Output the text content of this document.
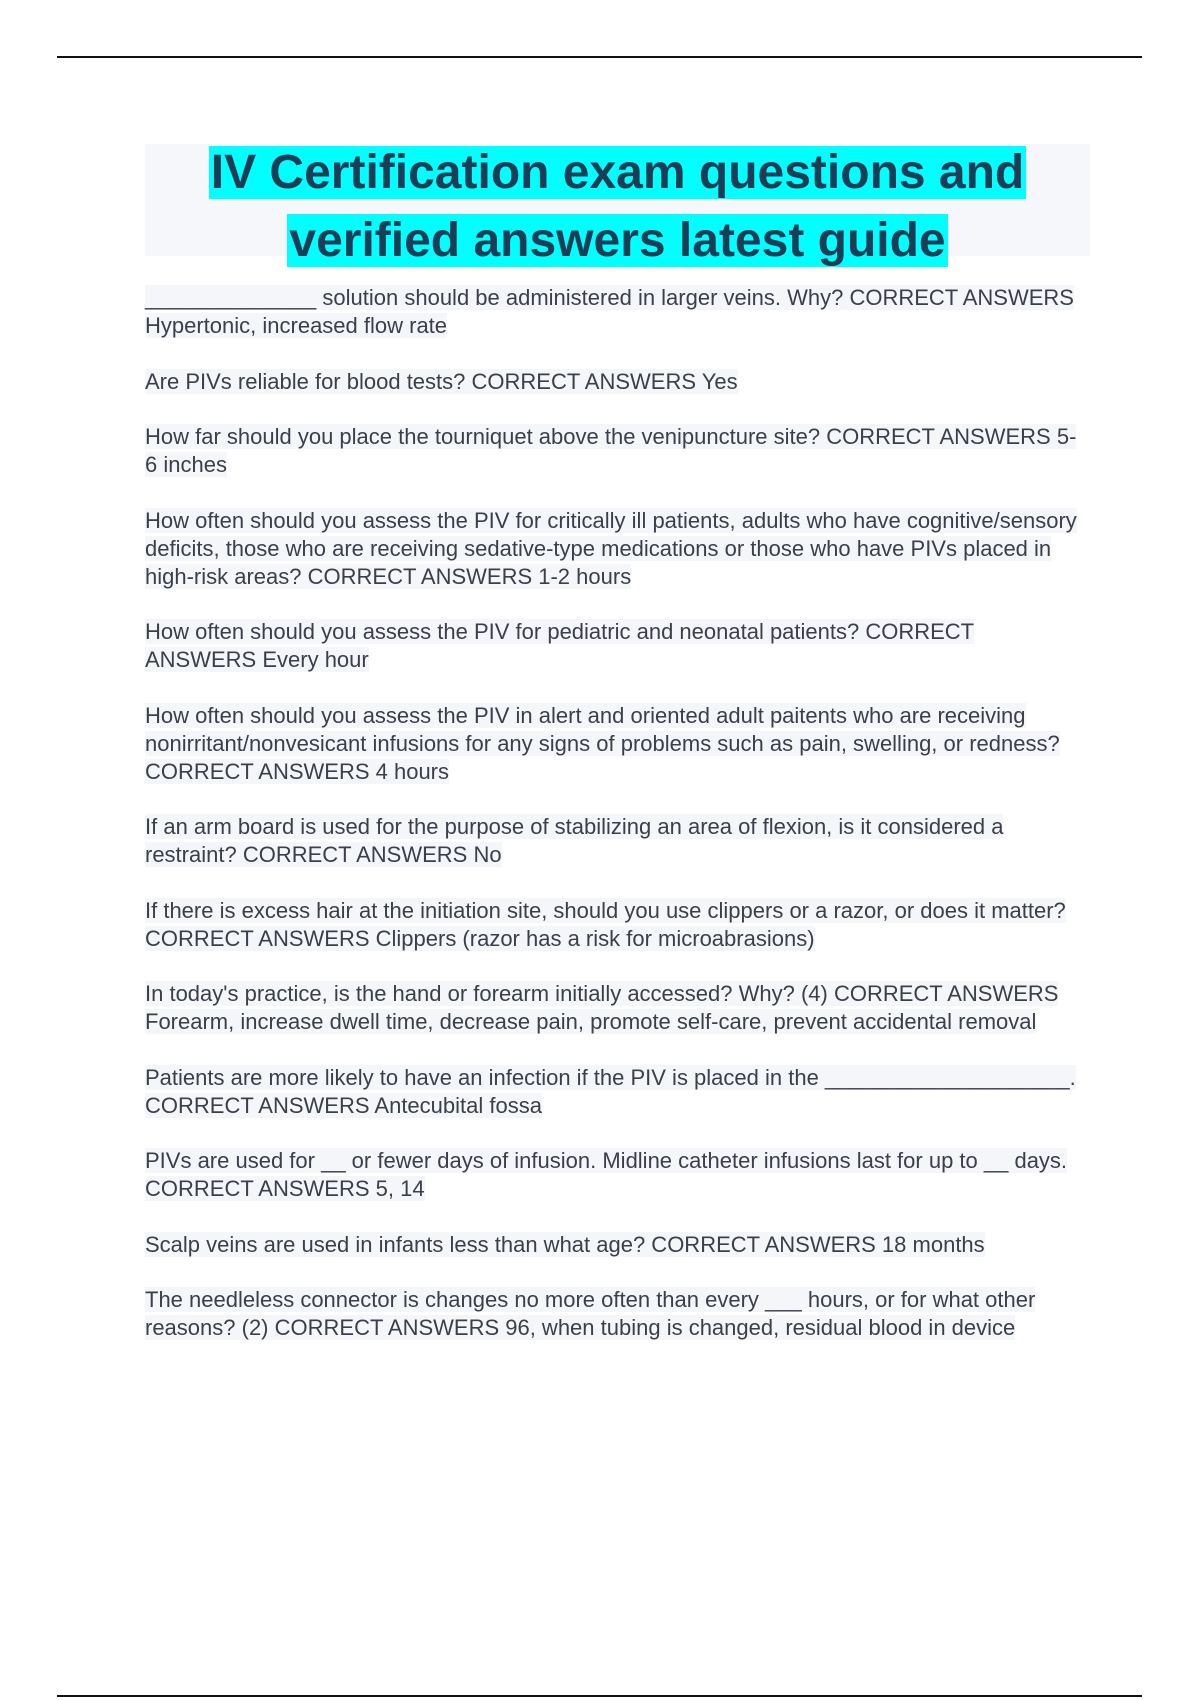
IV Certification exam questions and
verified answers latest guide

______________ solution should be administered in larger veins. Why? CORRECT ANSWERS Hypertonic, increased flow rate

Are PIVs reliable for blood tests? CORRECT ANSWERS Yes

How far should you place the tourniquet above the venipuncture site? CORRECT ANSWERS 5-6 inches

How often should you assess the PIV for critically ill patients, adults who have cognitive/sensory deficits, those who are receiving sedative-type medications or those who have PIVs placed in high-risk areas? CORRECT ANSWERS 1-2 hours

How often should you assess the PIV for pediatric and neonatal patients? CORRECT ANSWERS Every hour

How often should you assess the PIV in alert and oriented adult paitents who are receiving nonirritant/nonvesicant infusions for any signs of problems such as pain, swelling, or redness? CORRECT ANSWERS 4 hours

If an arm board is used for the purpose of stabilizing an area of flexion, is it considered a restraint? CORRECT ANSWERS No

If there is excess hair at the initiation site, should you use clippers or a razor, or does it matter? CORRECT ANSWERS Clippers (razor has a risk for microabrasions)

In today's practice, is the hand or forearm initially accessed? Why? (4) CORRECT ANSWERS Forearm, increase dwell time, decrease pain, promote self-care, prevent accidental removal

Patients are more likely to have an infection if the PIV is placed in the ____________________. CORRECT ANSWERS Antecubital fossa

PIVs are used for __ or fewer days of infusion. Midline catheter infusions last for up to __ days. CORRECT ANSWERS 5, 14

Scalp veins are used in infants less than what age? CORRECT ANSWERS 18 months

The needleless connector is changes no more often than every ___ hours, or for what other reasons? (2) CORRECT ANSWERS 96, when tubing is changed, residual blood in device
